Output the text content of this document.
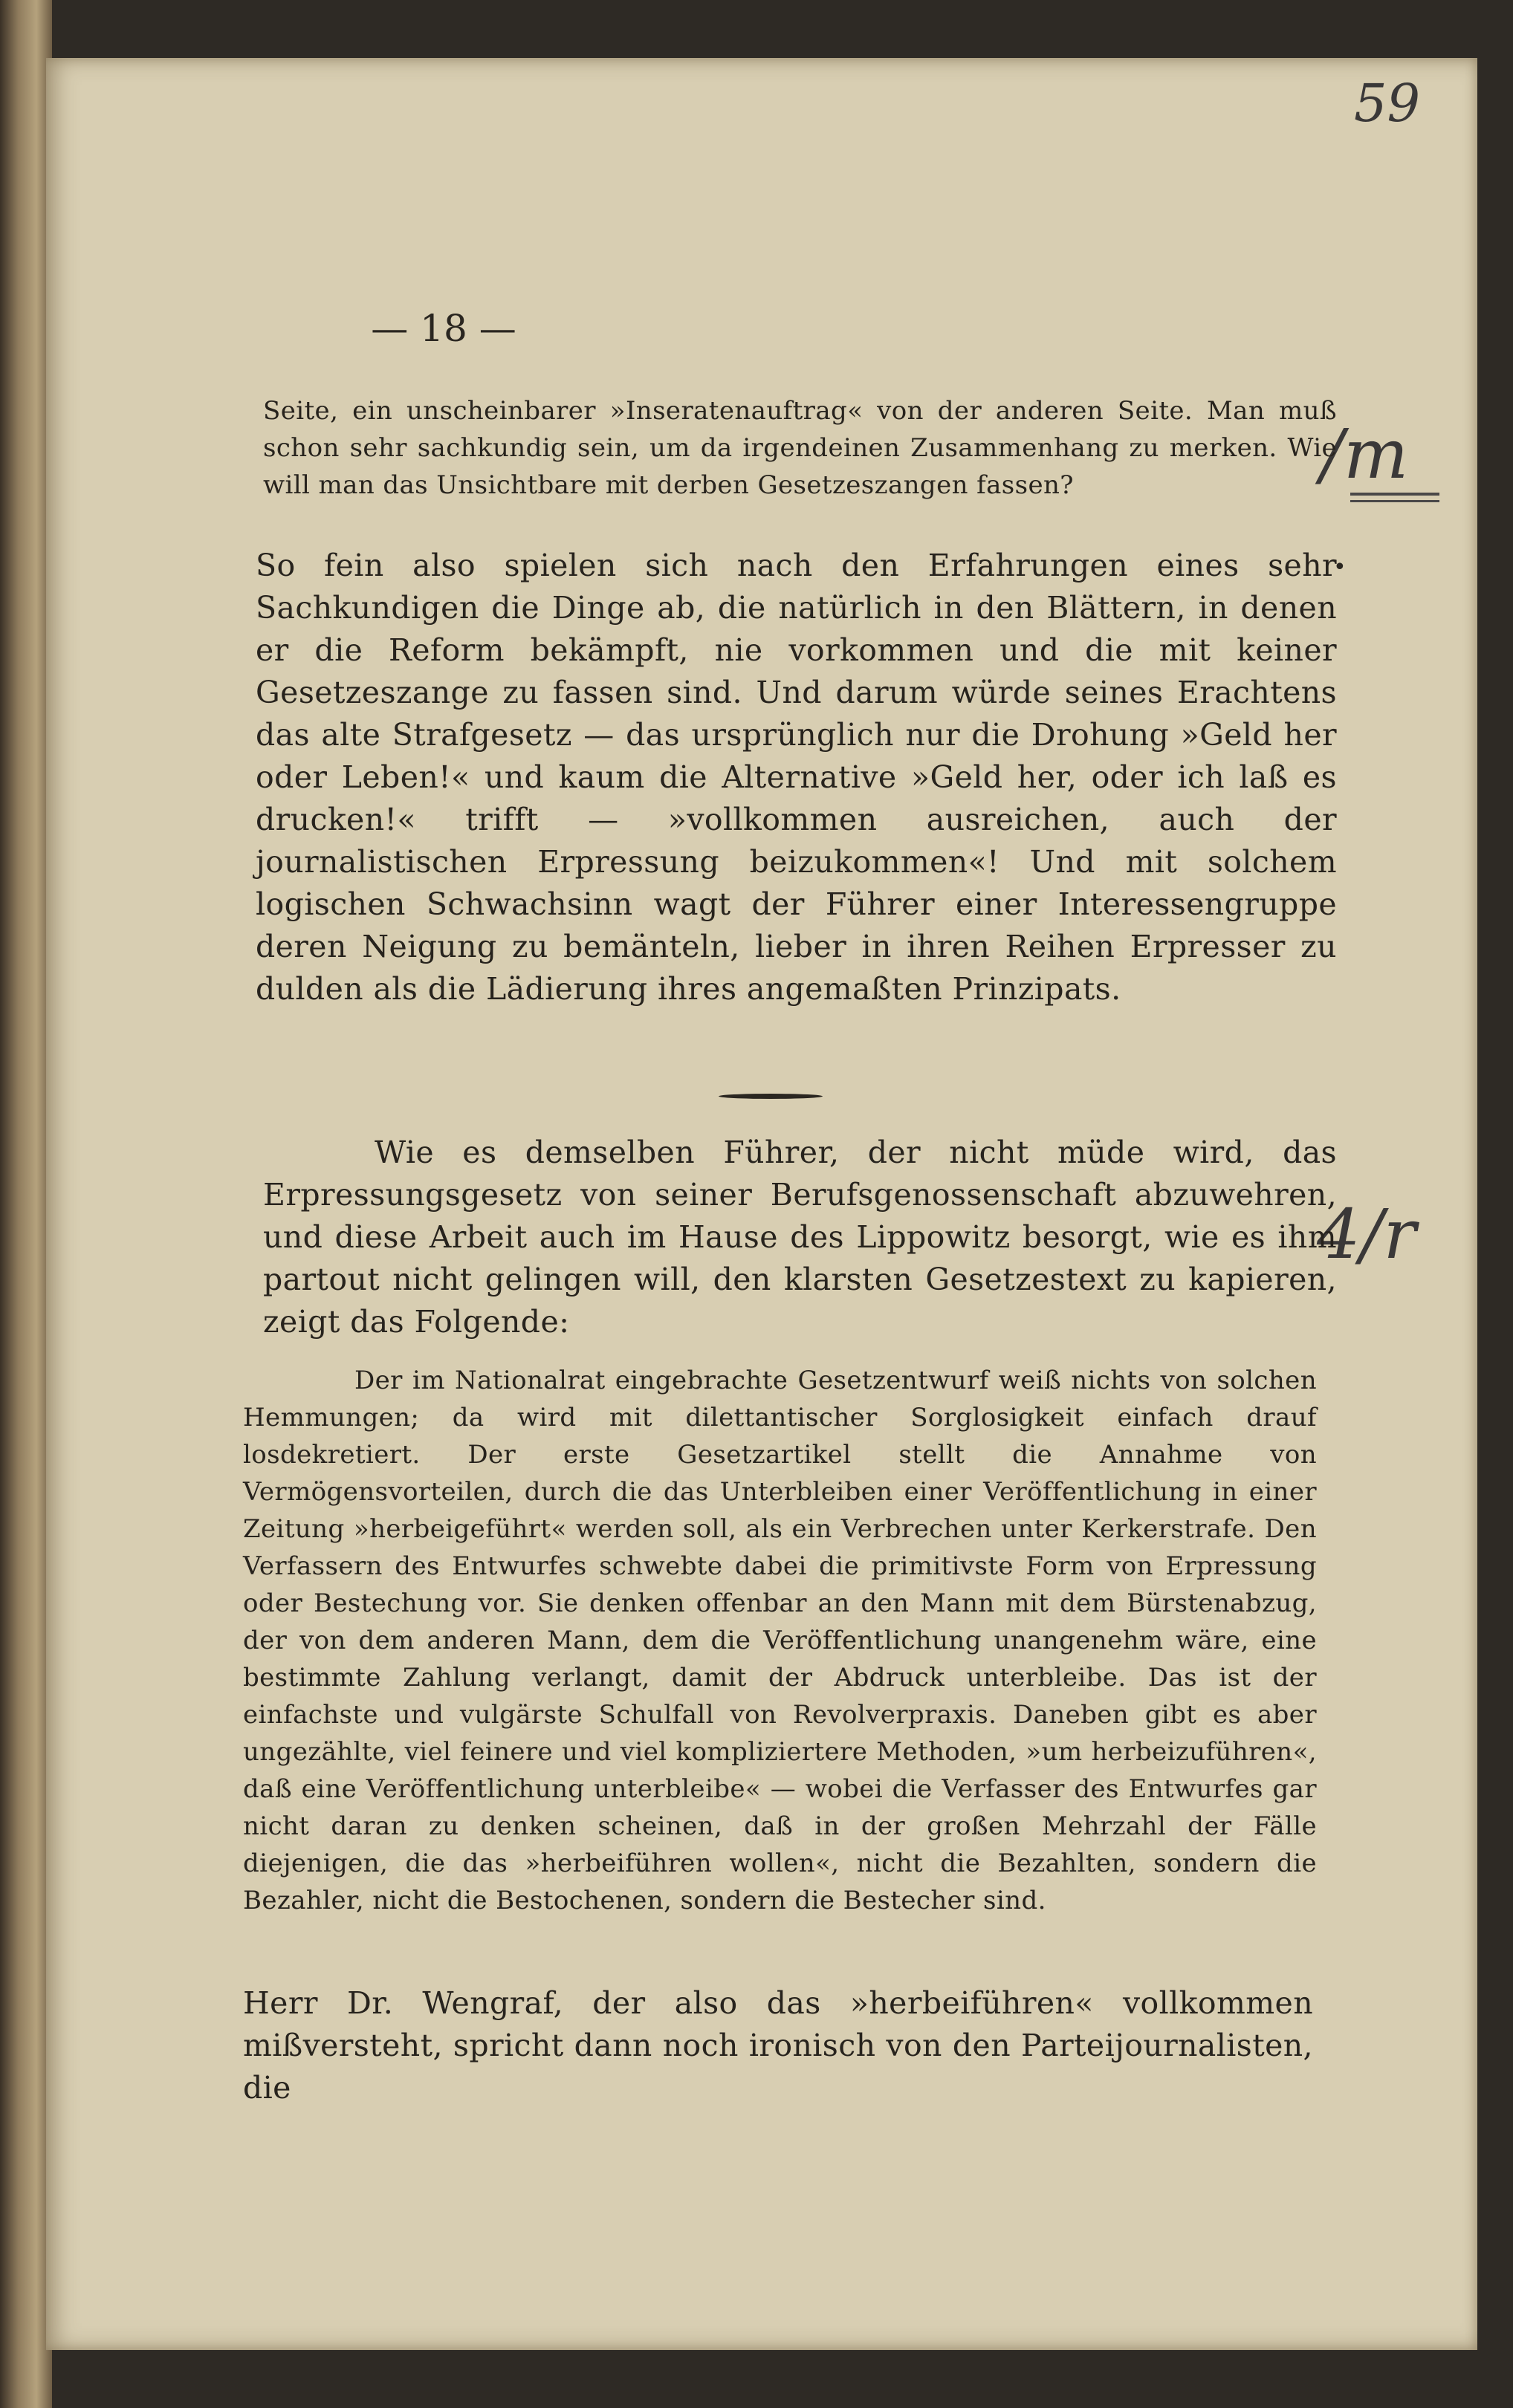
59

/m

•

4/r

— 18 —

Seite, ein unscheinbarer »Inseratenauftrag« von der anderen Seite. Man muß schon sehr sachkundig sein, um da irgendeinen Zusammenhang zu merken. Wie will man das Unsichtbare mit derben Gesetzeszangen fassen?

So fein also spielen sich nach den Erfahrungen eines sehr Sachkundigen die Dinge ab, die natürlich in den Blättern, in denen er die Reform bekämpft, nie vorkommen und die mit keiner Gesetzeszange zu fassen sind. Und darum würde seines Erachtens das alte Strafgesetz — das ursprünglich nur die Drohung »Geld her oder Leben!« und kaum die Alternative »Geld her, oder ich laß es drucken!« trifft — »vollkommen ausreichen, auch der journalistischen Erpressung beizukommen«! Und mit solchem logischen Schwachsinn wagt der Führer einer Interessengruppe deren Neigung zu bemänteln, lieber in ihren Reihen Erpresser zu dulden als die Lädierung ihres angemaßten Prinzipats.

Wie es demselben Führer, der nicht müde wird, das Erpressungsgesetz von seiner Berufsgenossenschaft abzuwehren, und diese Arbeit auch im Hause des Lippowitz besorgt, wie es ihm partout nicht gelingen will, den klarsten Gesetzestext zu kapieren, zeigt das Folgende:

Der im Nationalrat eingebrachte Gesetzentwurf weiß nichts von solchen Hemmungen; da wird mit dilettantischer Sorglosigkeit einfach drauf losdekretiert. Der erste Gesetzartikel stellt die Annahme von Vermögensvorteilen, durch die das Unterbleiben einer Veröffentlichung in einer Zeitung »herbeigeführt« werden soll, als ein Verbrechen unter Kerkerstrafe. Den Verfassern des Entwurfes schwebte dabei die primitivste Form von Erpressung oder Bestechung vor. Sie denken offenbar an den Mann mit dem Bürstenabzug, der von dem anderen Mann, dem die Veröffentlichung unangenehm wäre, eine bestimmte Zahlung verlangt, damit der Abdruck unterbleibe. Das ist der einfachste und vulgärste Schulfall von Revolverpraxis. Daneben gibt es aber ungezählte, viel feinere und viel kompliziertere Methoden, »um herbeizuführen«, daß eine Veröffentlichung unterbleibe« — wobei die Verfasser des Entwurfes gar nicht daran zu denken scheinen, daß in der großen Mehrzahl der Fälle diejenigen, die das »herbeiführen wollen«, nicht die Bezahlten, sondern die Bezahler, nicht die Bestochenen, sondern die Bestecher sind.

Herr Dr. Wengraf, der also das »herbeiführen« vollkommen mißversteht, spricht dann noch ironisch von den Parteijournalisten, die
